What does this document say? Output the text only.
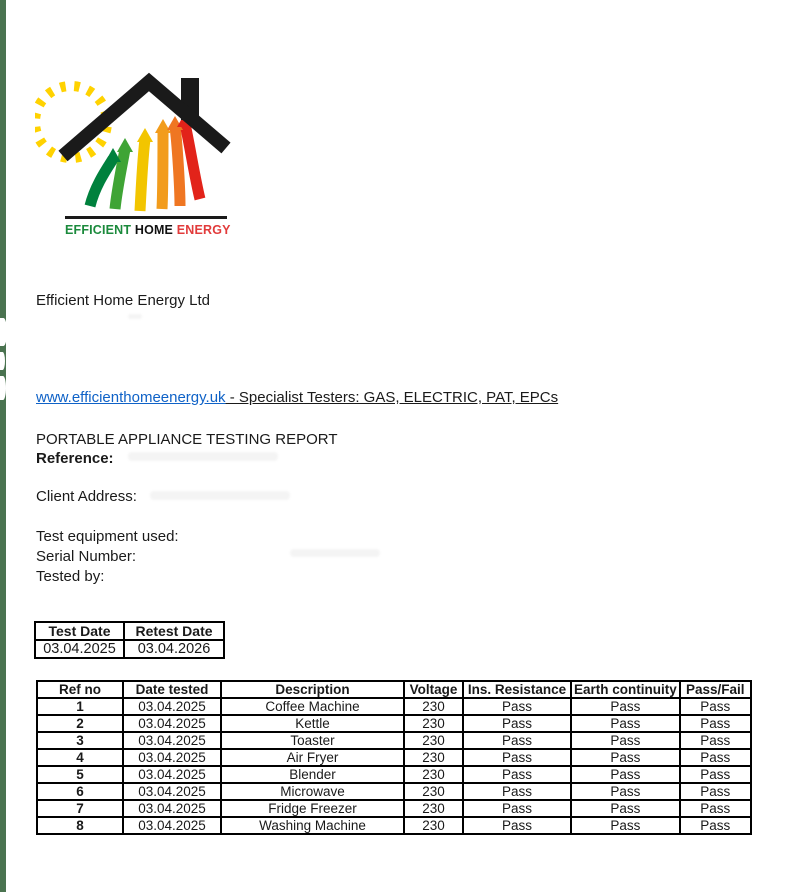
EFFICIENT HOME ENERGY
Efficient Home Energy Ltd
www.efficienthomeenergy.uk - Specialist Testers: GAS, ELECTRIC, PAT, EPCs
PORTABLE APPLIANCE TESTING REPORT
Reference:
Client Address:
Test equipment used:
Serial Number:
Tested by:
Test Date	Retest Date
03.04.2025	03.04.2026
Ref no	Date tested	Description	Voltage	Ins. Resistance	Earth continuity	Pass/Fail
1	03.04.2025	Coffee Machine	230	Pass	Pass	Pass
2	03.04.2025	Kettle	230	Pass	Pass	Pass
3	03.04.2025	Toaster	230	Pass	Pass	Pass
4	03.04.2025	Air Fryer	230	Pass	Pass	Pass
5	03.04.2025	Blender	230	Pass	Pass	Pass
6	03.04.2025	Microwave	230	Pass	Pass	Pass
7	03.04.2025	Fridge Freezer	230	Pass	Pass	Pass
8	03.04.2025	Washing Machine	230	Pass	Pass	Pass
